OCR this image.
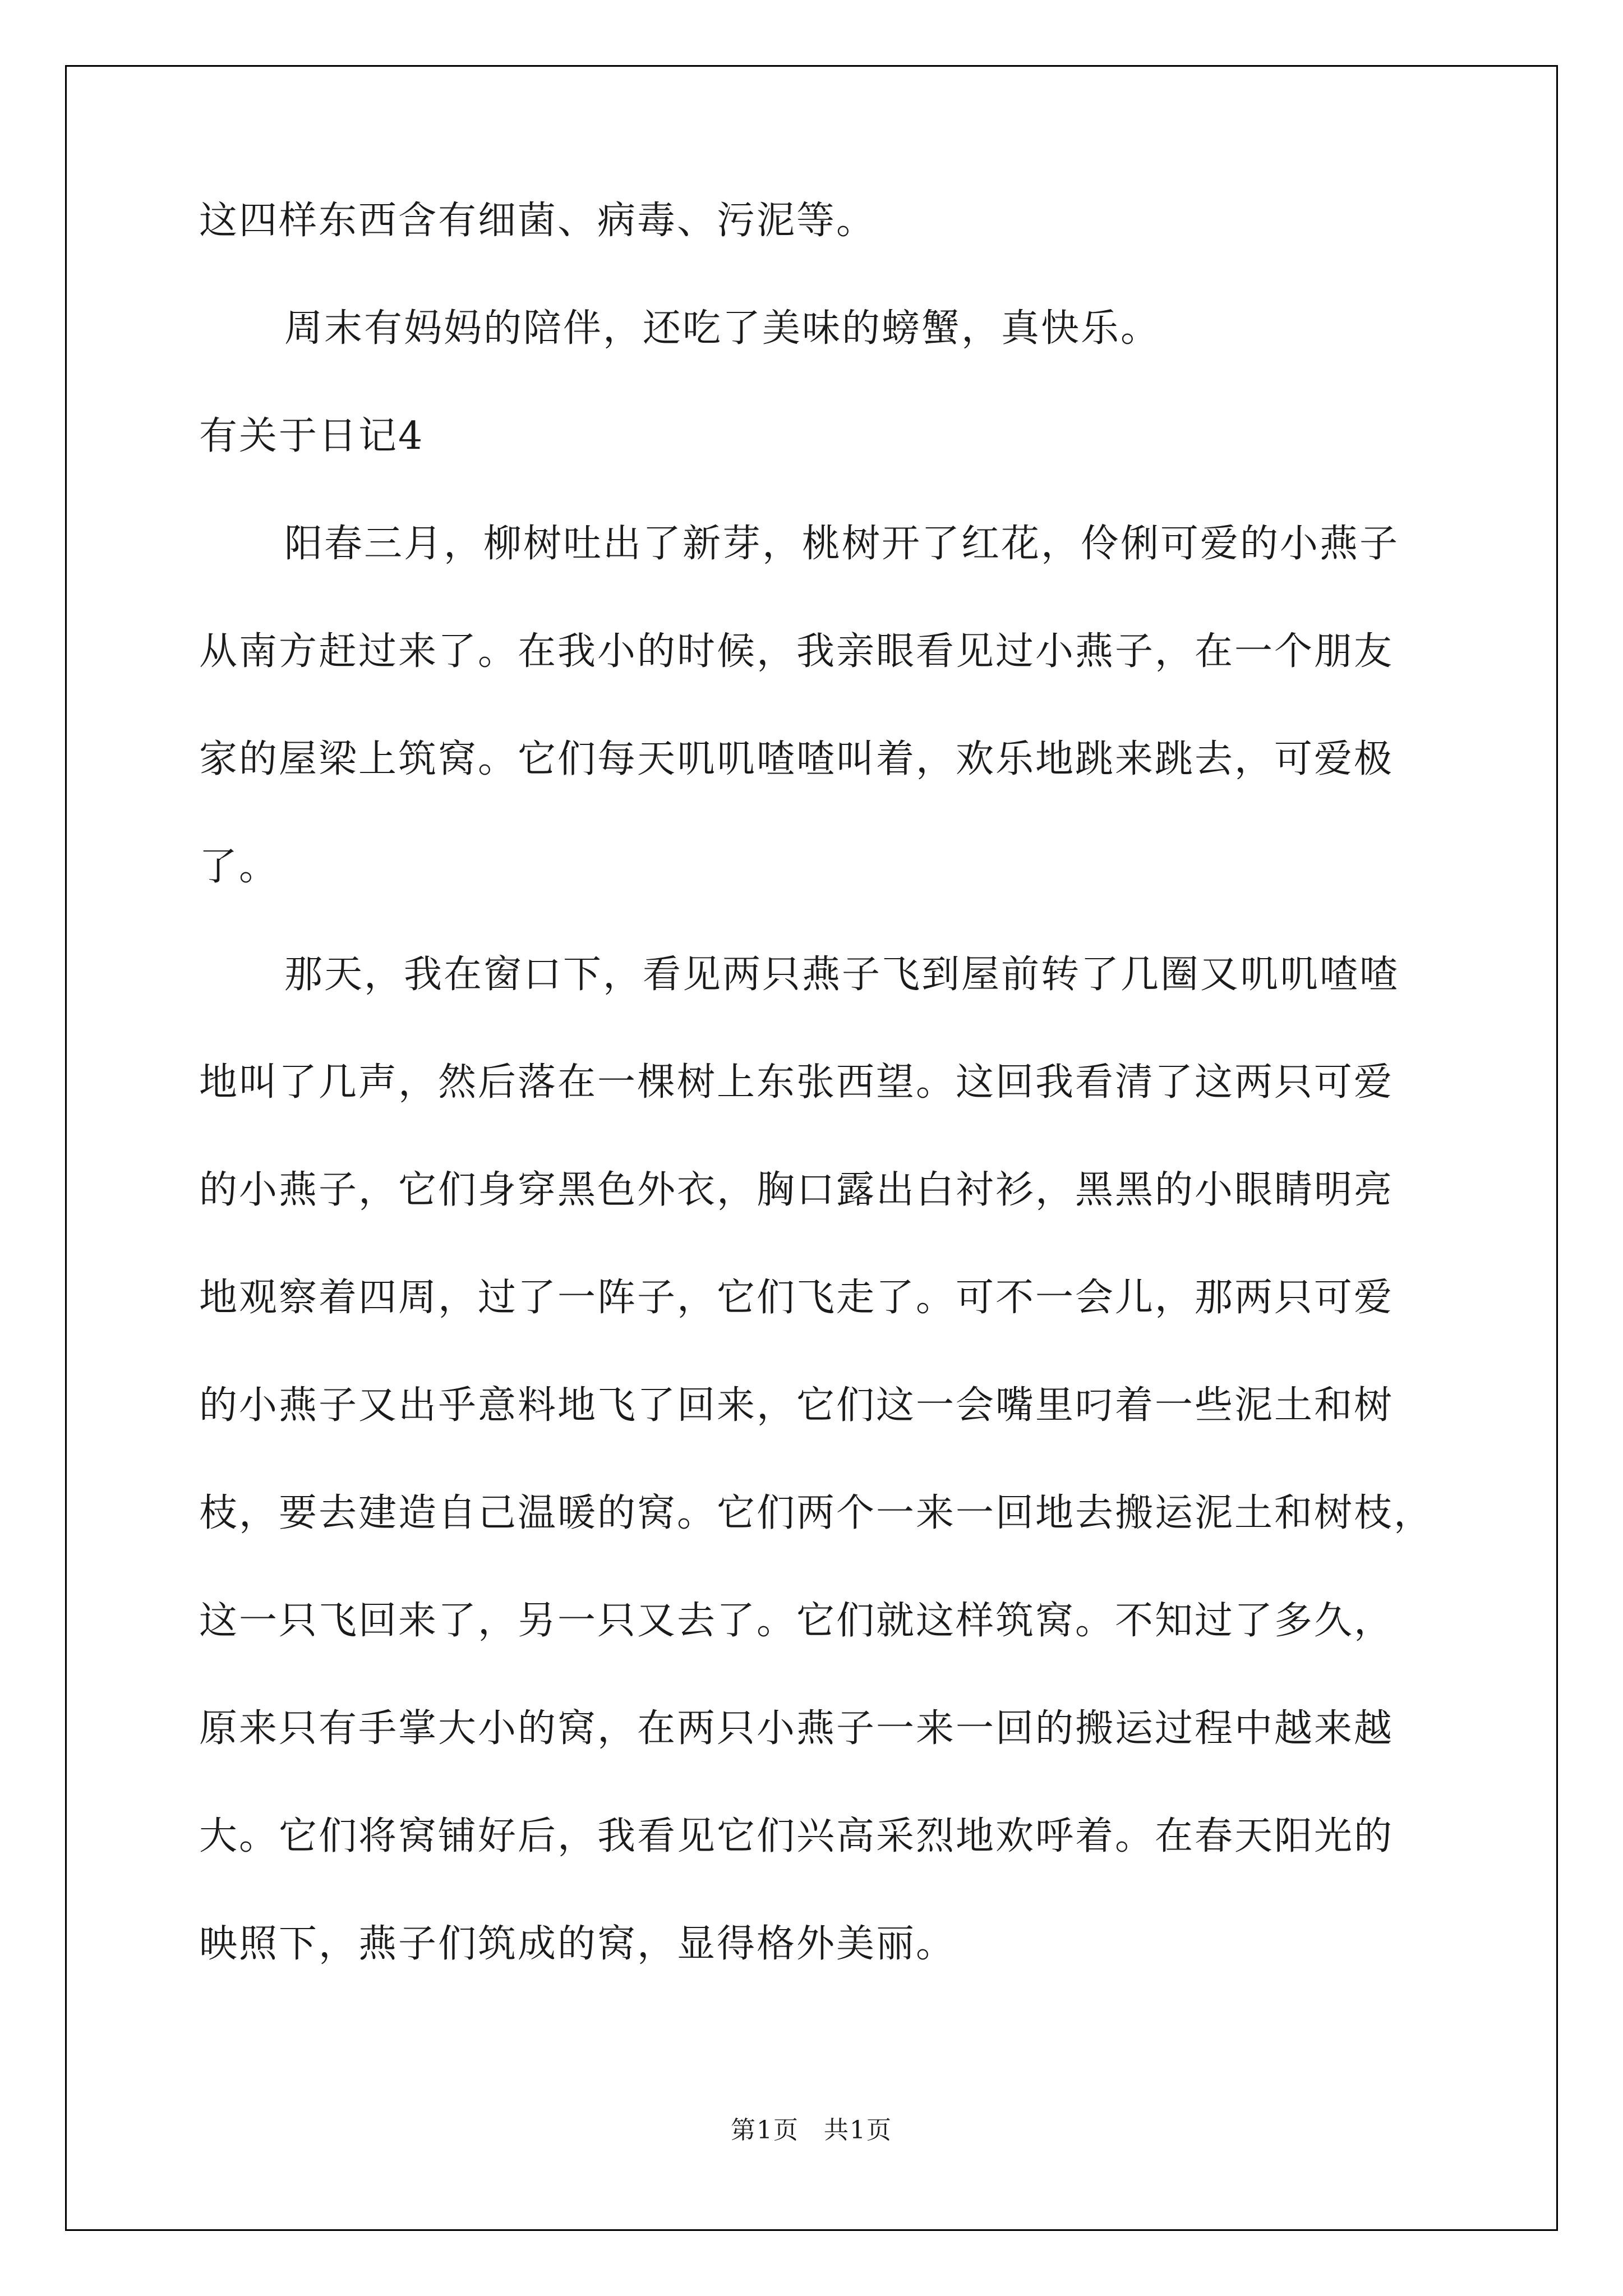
这四样东西含有细菌、病毒、污泥等。
周末有妈妈的陪伴，还吃了美味的螃蟹，真快乐。
有关于日记4
阳春三月，柳树吐出了新芽，桃树开了红花，伶俐可爱的小燕子
从南方赶过来了。在我小的时候，我亲眼看见过小燕子，在一个朋友
家的屋梁上筑窝。它们每天叽叽喳喳叫着，欢乐地跳来跳去，可爱极
了。
那天，我在窗口下，看见两只燕子飞到屋前转了几圈又叽叽喳喳
地叫了几声，然后落在一棵树上东张西望。这回我看清了这两只可爱
的小燕子，它们身穿黑色外衣，胸口露出白衬衫，黑黑的小眼睛明亮
地观察着四周，过了一阵子，它们飞走了。可不一会儿，那两只可爱
的小燕子又出乎意料地飞了回来，它们这一会嘴里叼着一些泥土和树
枝，要去建造自己温暖的窝。它们两个一来一回地去搬运泥土和树枝，
这一只飞回来了，另一只又去了。它们就这样筑窝。不知过了多久，
原来只有手掌大小的窝，在两只小燕子一来一回的搬运过程中越来越
大。它们将窝铺好后，我看见它们兴高采烈地欢呼着。在春天阳光的
映照下，燕子们筑成的窝，显得格外美丽。
第1页 共1页
